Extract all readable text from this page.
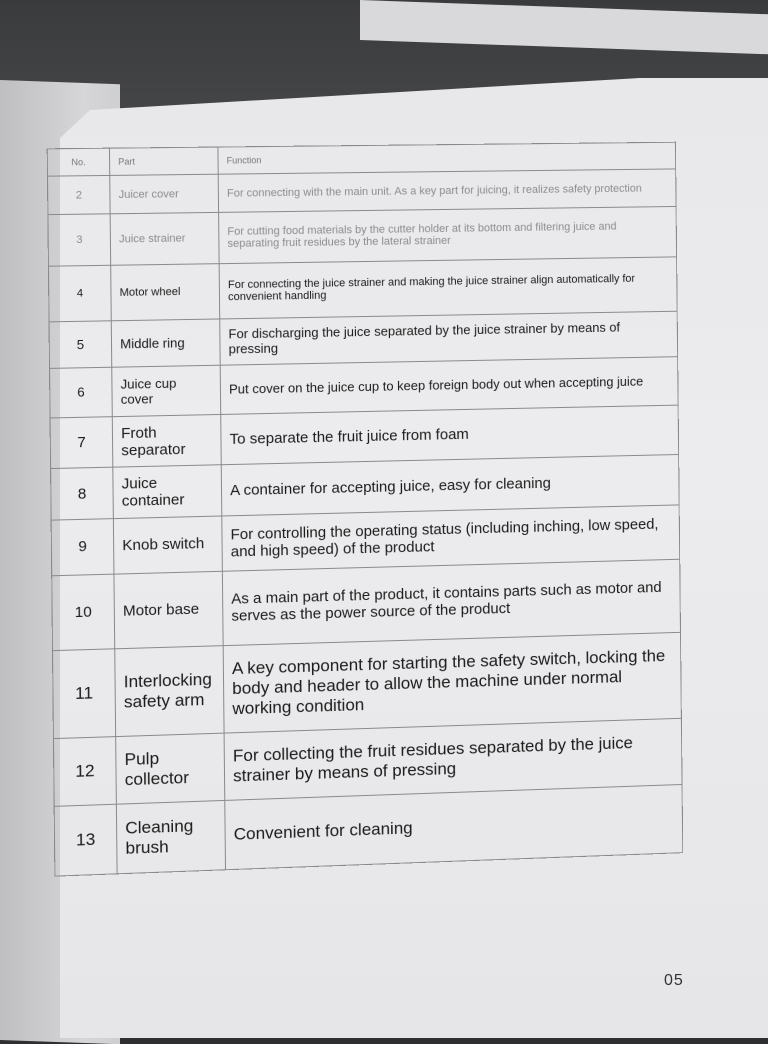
No.	Part	Function
2	Juicer cover	For connecting with the main unit. As a key part for juicing, it realizes safety protection
3	Juice strainer	For cutting food materials by the cutter holder at its bottom and filtering juice and separating fruit residues by the lateral strainer
4	Motor wheel	For connecting the juice strainer and making the juice strainer align automatically for convenient handling
5	Middle ring	For discharging the juice separated by the juice strainer by means of pressing
6	Juice cup cover	Put cover on the juice cup to keep foreign body out when accepting juice
7	Froth separator	To separate the fruit juice from foam
8	Juice container	A container for accepting juice, easy for cleaning
9	Knob switch	For controlling the operating status (including inching, low speed, and high speed) of the product
10	Motor base	As a main part of the product, it contains parts such as motor and serves as the power source of the product
11	Interlocking safety arm	A key component for starting the safety switch, locking the body and header to allow the machine under normal working condition
12	Pulp collector	For collecting the fruit residues separated by the juice strainer by means of pressing
13	Cleaning brush	Convenient for cleaning
05
